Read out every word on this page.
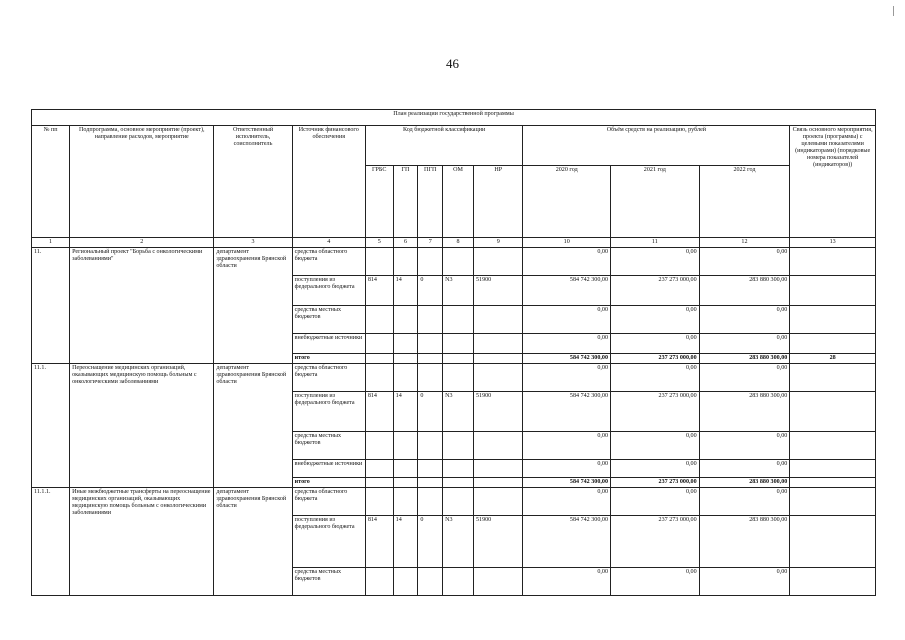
46
План реализации государственной программы												
№ пп	Подпрограмма, основное мероприятие (проект), направление расходов, мероприятие	Ответственный исполнитель, соисполнитель	Источник финансового обеспечения	Код бюджетной классификации					Объём средств на реализацию, рублей			Связь основного мероприятия, проекта (программы) с целевыми показателями (индикаторами) (порядковые номера показателей (индикаторов))
				ГРБС	ГП	ПГП	ОМ	НР	2020 год	2021 год	2022 год	
1	2	3	4	5	6	7	8	9	10	11	12	13
11.	Региональный проект "Борьба с онкологическими заболеваниями"	департамент здравоохранения Брянской области	средства областного бюджета						0,00	0,00	0,00	
			поступления из федерального бюджета	814	14	0	N3	51900	584 742 300,00	237 273 000,00	283 880 300,00	
			средства местных бюджетов						0,00	0,00	0,00	
			внебюджетные источники						0,00	0,00	0,00	
			итого						584 742 300,00	237 273 000,00	283 880 300,00	28
11.1.	Переоснащение медицинских организаций, оказывающих медицинскую помощь больным с онкологическими заболеваниями	департамент здравоохранения Брянской области	средства областного бюджета						0,00	0,00	0,00	
			поступления из федерального бюджета	814	14	0	N3	51900	584 742 300,00	237 273 000,00	283 880 300,00	
			средства местных бюджетов						0,00	0,00	0,00	
			внебюджетные источники						0,00	0,00	0,00	
			итого						584 742 300,00	237 273 000,00	283 880 300,00	
11.1.1.	Иные межбюджетные трансферты на переоснащение медицинских организаций, оказывающих медицинскую помощь больным с онкологическими заболеваниями	департамент здравоохранения Брянской области	средства областного бюджета						0,00	0,00	0,00	
			поступления из федерального бюджета	814	14	0	N3	51900	584 742 300,00	237 273 000,00	283 880 300,00	
			средства местных бюджетов						0,00	0,00	0,00	
